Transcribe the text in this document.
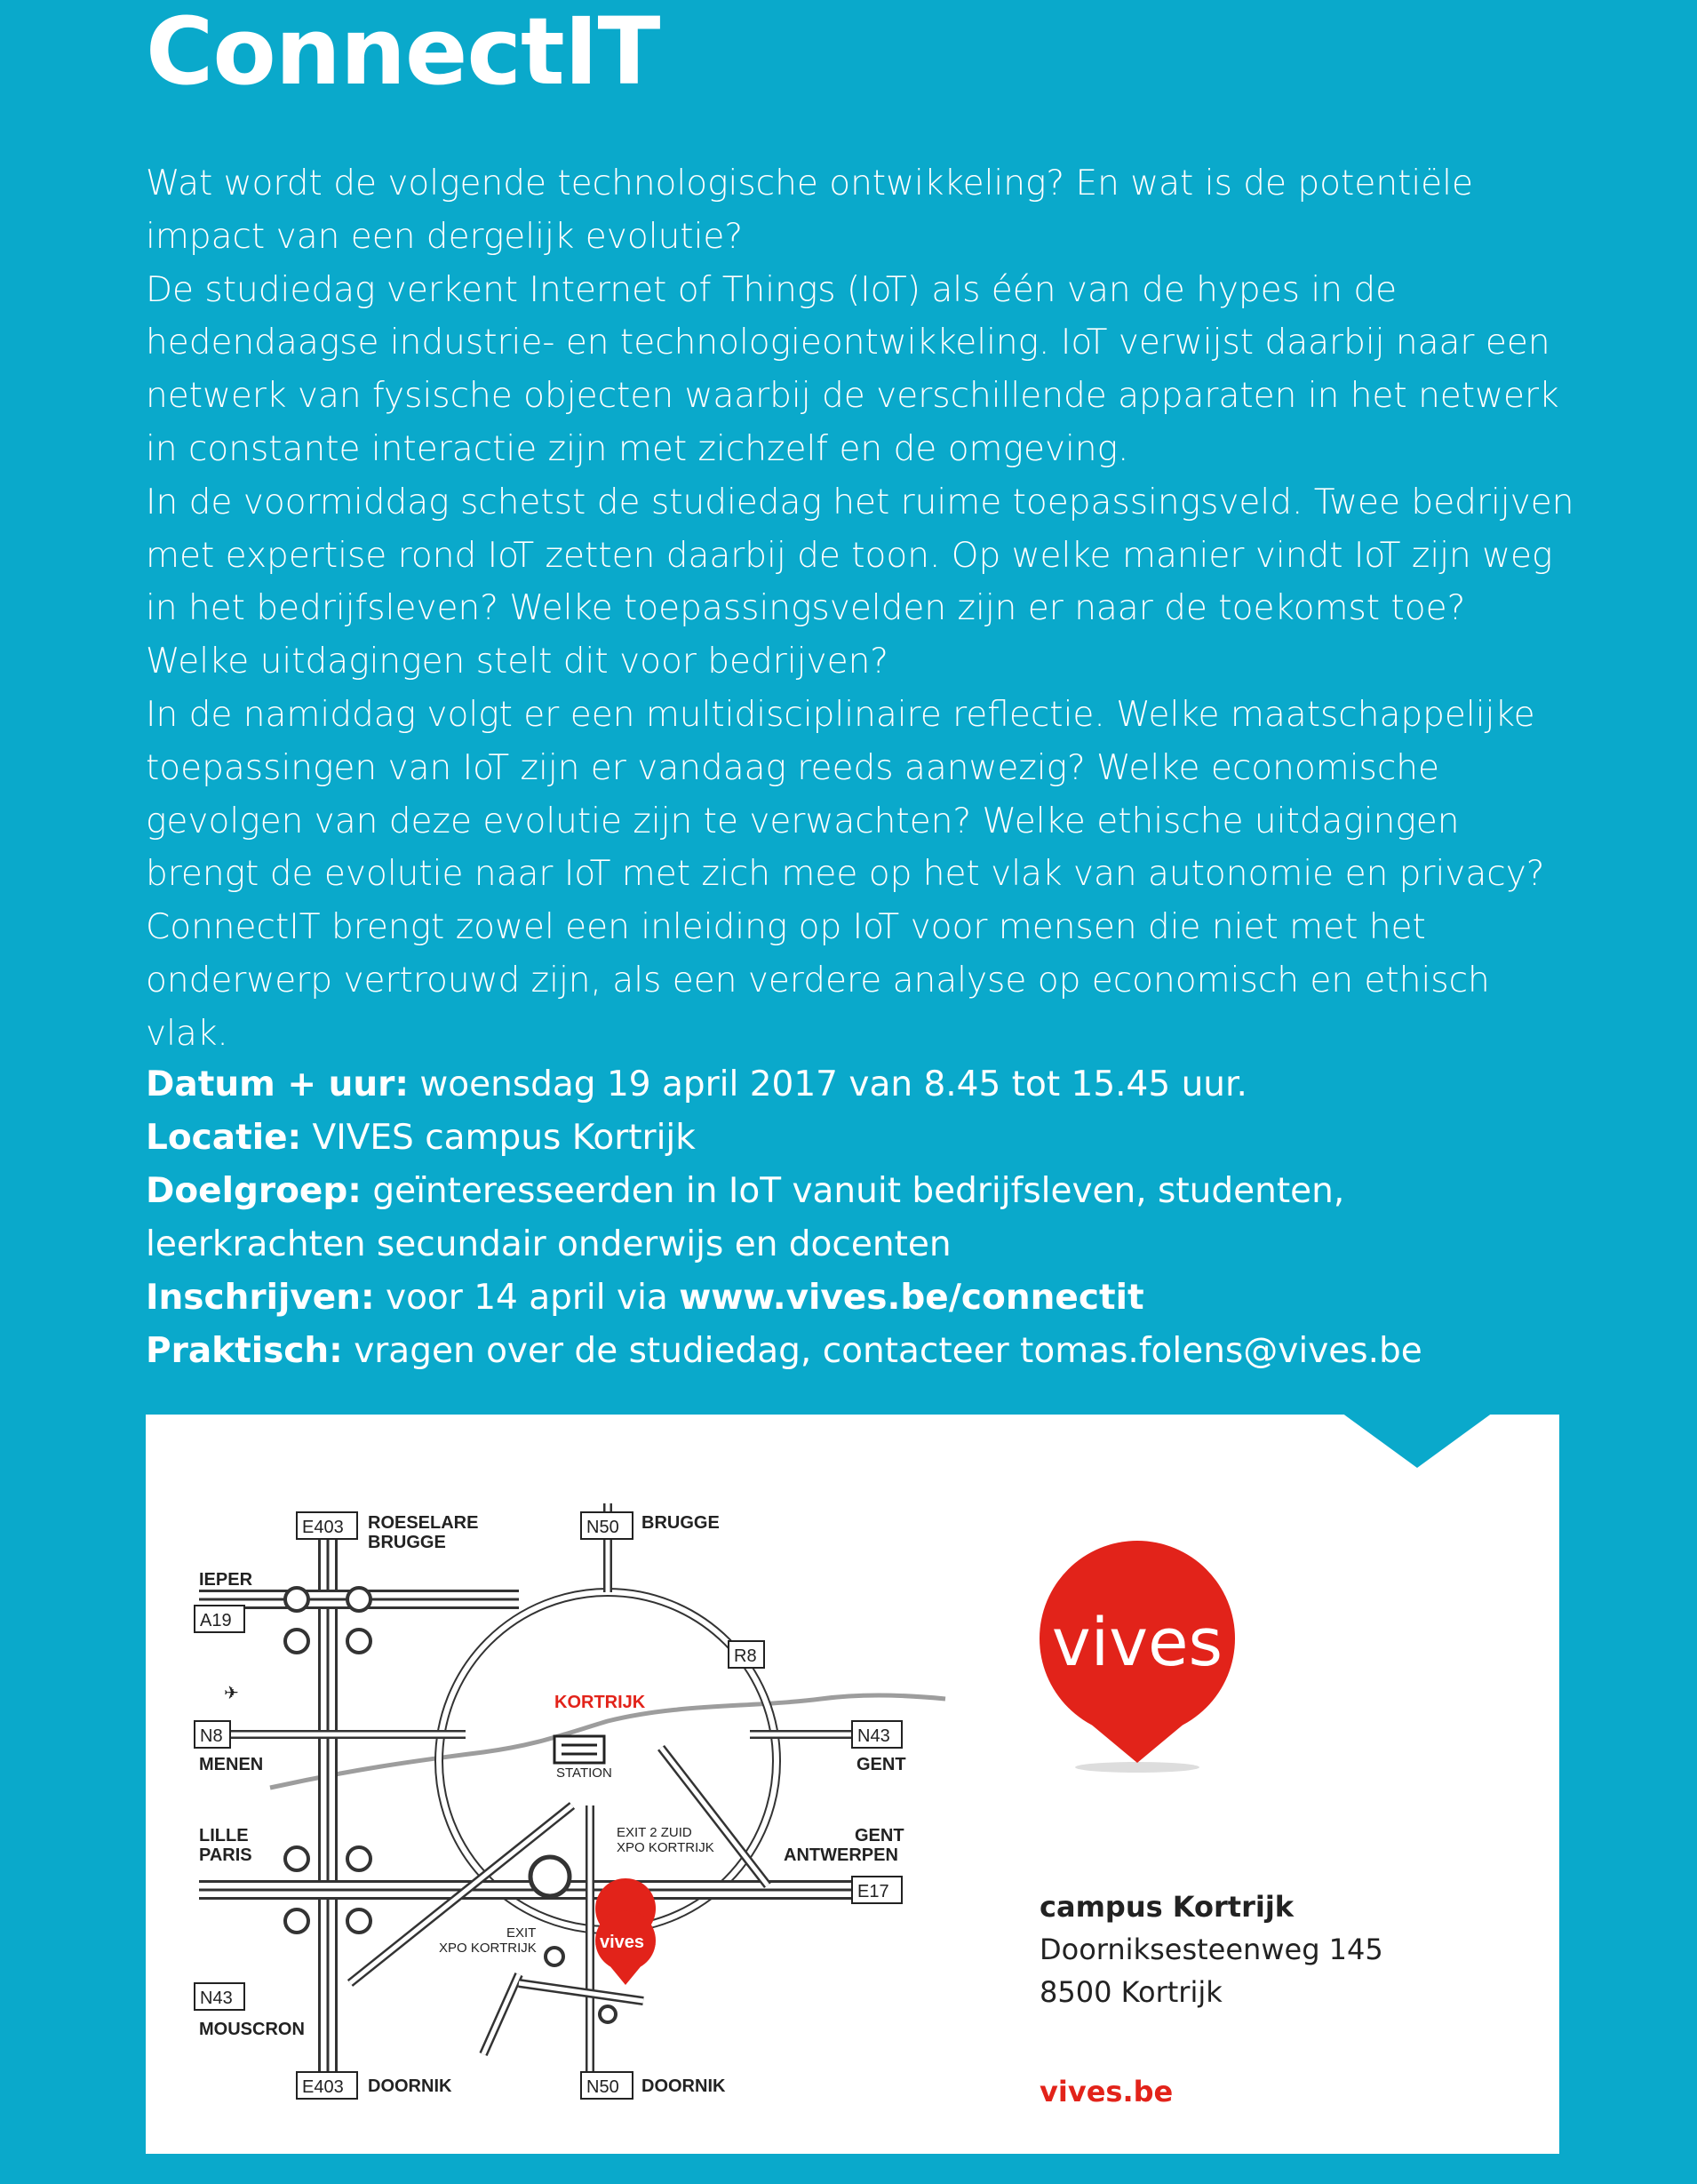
ConnectIT

Wat wordt de volgende technologische ontwikkeling? En wat is de potentiële impact van een dergelijk evolutie?

De studiedag verkent Internet of Things (IoT) als één van de hypes in de hedendaagse industrie- en technologieontwikkeling. IoT verwijst daarbij naar een netwerk van fysische objecten waarbij de verschillende apparaten in het netwerk in constante interactie zijn met zichzelf en de omgeving.

In de voormiddag schetst de studiedag het ruime toepassingsveld. Twee bedrijven met expertise rond IoT zetten daarbij de toon. Op welke manier vindt IoT zijn weg in het bedrijfsleven? Welke toepassingsvelden zijn er naar de toekomst toe? Welke uitdagingen stelt dit voor bedrijven?

In de namiddag volgt er een multidisciplinaire reflectie. Welke maatschappelijke toepassingen van IoT zijn er vandaag reeds aanwezig? Welke economische gevolgen van deze evolutie zijn te verwachten? Welke ethische uitdagingen brengt de evolutie naar IoT met zich mee op het vlak van autonomie en privacy?

ConnectIT brengt zowel een inleiding op IoT voor mensen die niet met het onderwerp vertrouwd zijn, als een verdere analyse op economisch en ethisch vlak.

Datum + uur: woensdag 19 april 2017 van 8.45 tot 15.45 uur.

Locatie: VIVES campus Kortrijk

Doelgroep: geïnteresseerden in IoT vanuit bedrijfsleven, studenten, leerkrachten secundair onderwijs en docenten

Inschrijven: voor 14 april via www.vives.be/connectit

Praktisch: vragen over de studiedag, contacteer tomas.folens@vives.be

E403 ROESELARE
BRUGGE
N50 BRUGGE
IEPER
A19
R8
KORTRIJK
N8
MENEN
✈
STATION
N43
GENT
LILLE
PARIS
EXIT 2 ZUID
XPO KORTRIJK
GENT
ANTWERPEN
E17
EXIT
XPO KORTRIJK	vives
N43
MOUSCRON
E403 DOORNIK	N50 DOORNIK
vives
campus Kortrijk
Doorniksesteenweg 145
8500 Kortrijk
vives.be
